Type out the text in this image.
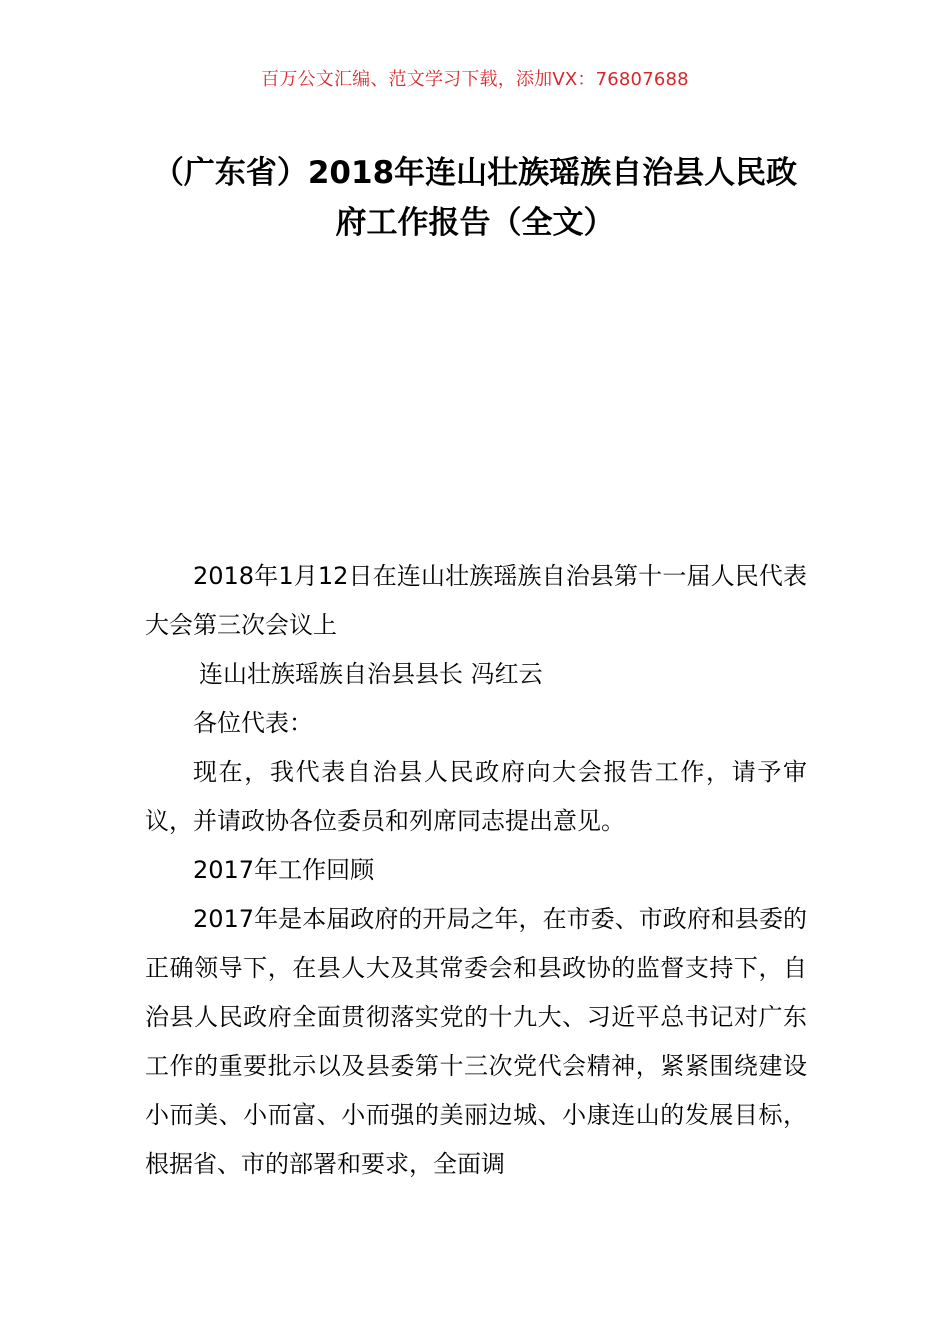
百万公文汇编、范文学习下载，添加VX：76807688
（广东省）2018年连山壮族瑶族自治县人民政府工作报告（全文）

2018年1月12日在连山壮族瑶族自治县第十一届人民代表大会第三次会议上

连山壮族瑶族自治县县长 冯红云

各位代表：

现在，我代表自治县人民政府向大会报告工作，请予审议，并请政协各位委员和列席同志提出意见。

2017年工作回顾

2017年是本届政府的开局之年，在市委、市政府和县委的正确领导下，在县人大及其常委会和县政协的监督支持下，自治县人民政府全面贯彻落实党的十九大、习近平总书记对广东工作的重要批示以及县委第十三次党代会精神，紧紧围绕建设小而美、小而富、小而强的美丽边城、小康连山的发展目标，根据省、市的部署和要求，全面调
